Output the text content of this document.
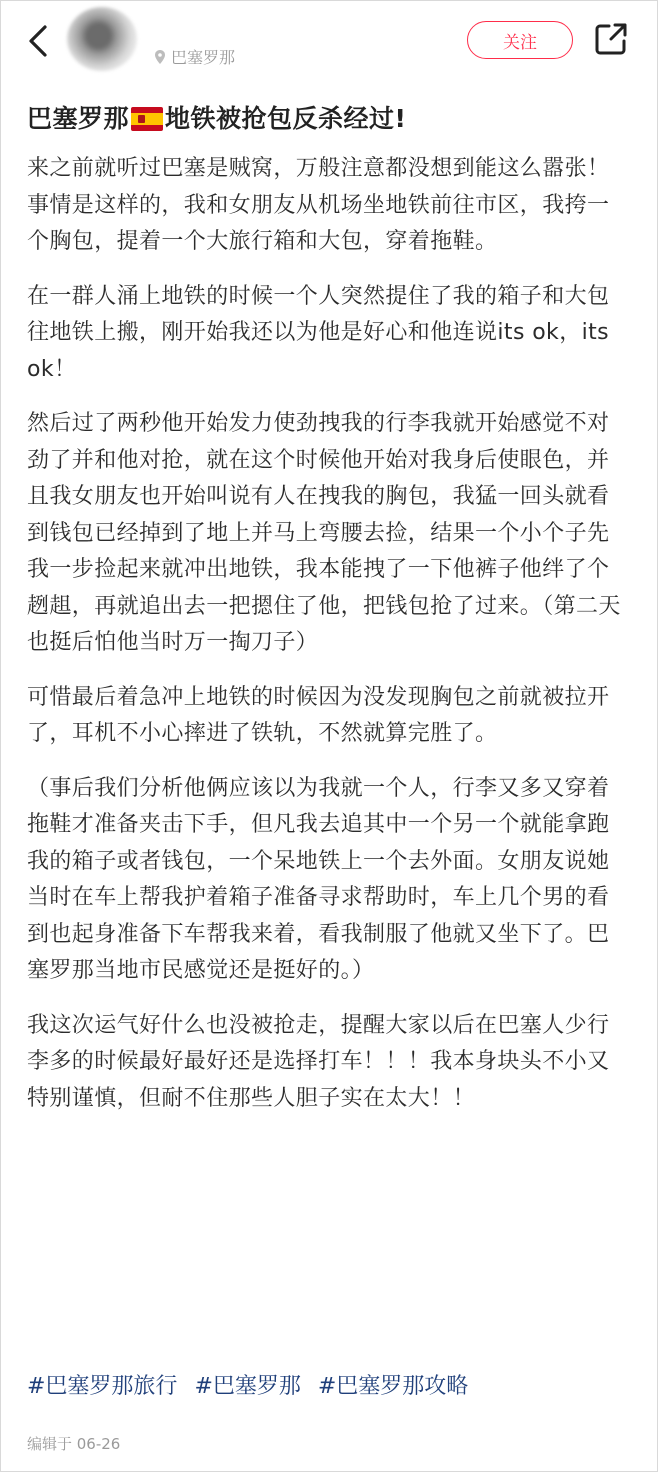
巴塞罗那
关注
巴塞罗那 地铁被抢包反杀经过!

来之前就听过巴塞是贼窝，万般注意都没想到能这么嚣张！

事情是这样的，我和女朋友从机场坐地铁前往市区，我挎一个胸包，提着一个大旅行箱和大包，穿着拖鞋。

在一群人涌上地铁的时候一个人突然提住了我的箱子和大包往地铁上搬，刚开始我还以为他是好心和他连说its ok，its ok！

然后过了两秒他开始发力使劲拽我的行李我就开始感觉不对劲了并和他对抢，就在这个时候他开始对我身后使眼色，并且我女朋友也开始叫说有人在拽我的胸包，我猛一回头就看到钱包已经掉到了地上并马上弯腰去捡，结果一个小个子先我一步捡起来就冲出地铁，我本能拽了一下他裤子他绊了个趔趄，再就追出去一把摁住了他，把钱包抢了过来。（第二天也挺后怕他当时万一掏刀子）

可惜最后着急冲上地铁的时候因为没发现胸包之前就被拉开了，耳机不小心摔进了铁轨，不然就算完胜了。

（事后我们分析他俩应该以为我就一个人，行李又多又穿着拖鞋才准备夹击下手，但凡我去追其中一个另一个就能拿跑我的箱子或者钱包，一个呆地铁上一个去外面。女朋友说她当时在车上帮我护着箱子准备寻求帮助时，车上几个男的看到也起身准备下车帮我来着，看我制服了他就又坐下了。巴塞罗那当地市民感觉还是挺好的。）

我这次运气好什么也没被抢走，提醒大家以后在巴塞人少行李多的时候最好最好还是选择打车！！！我本身块头不小又特别谨慎，但耐不住那些人胆子实在太大！！

#巴塞罗那旅行 #巴塞罗那 #巴塞罗那攻略
编辑于 06-26
